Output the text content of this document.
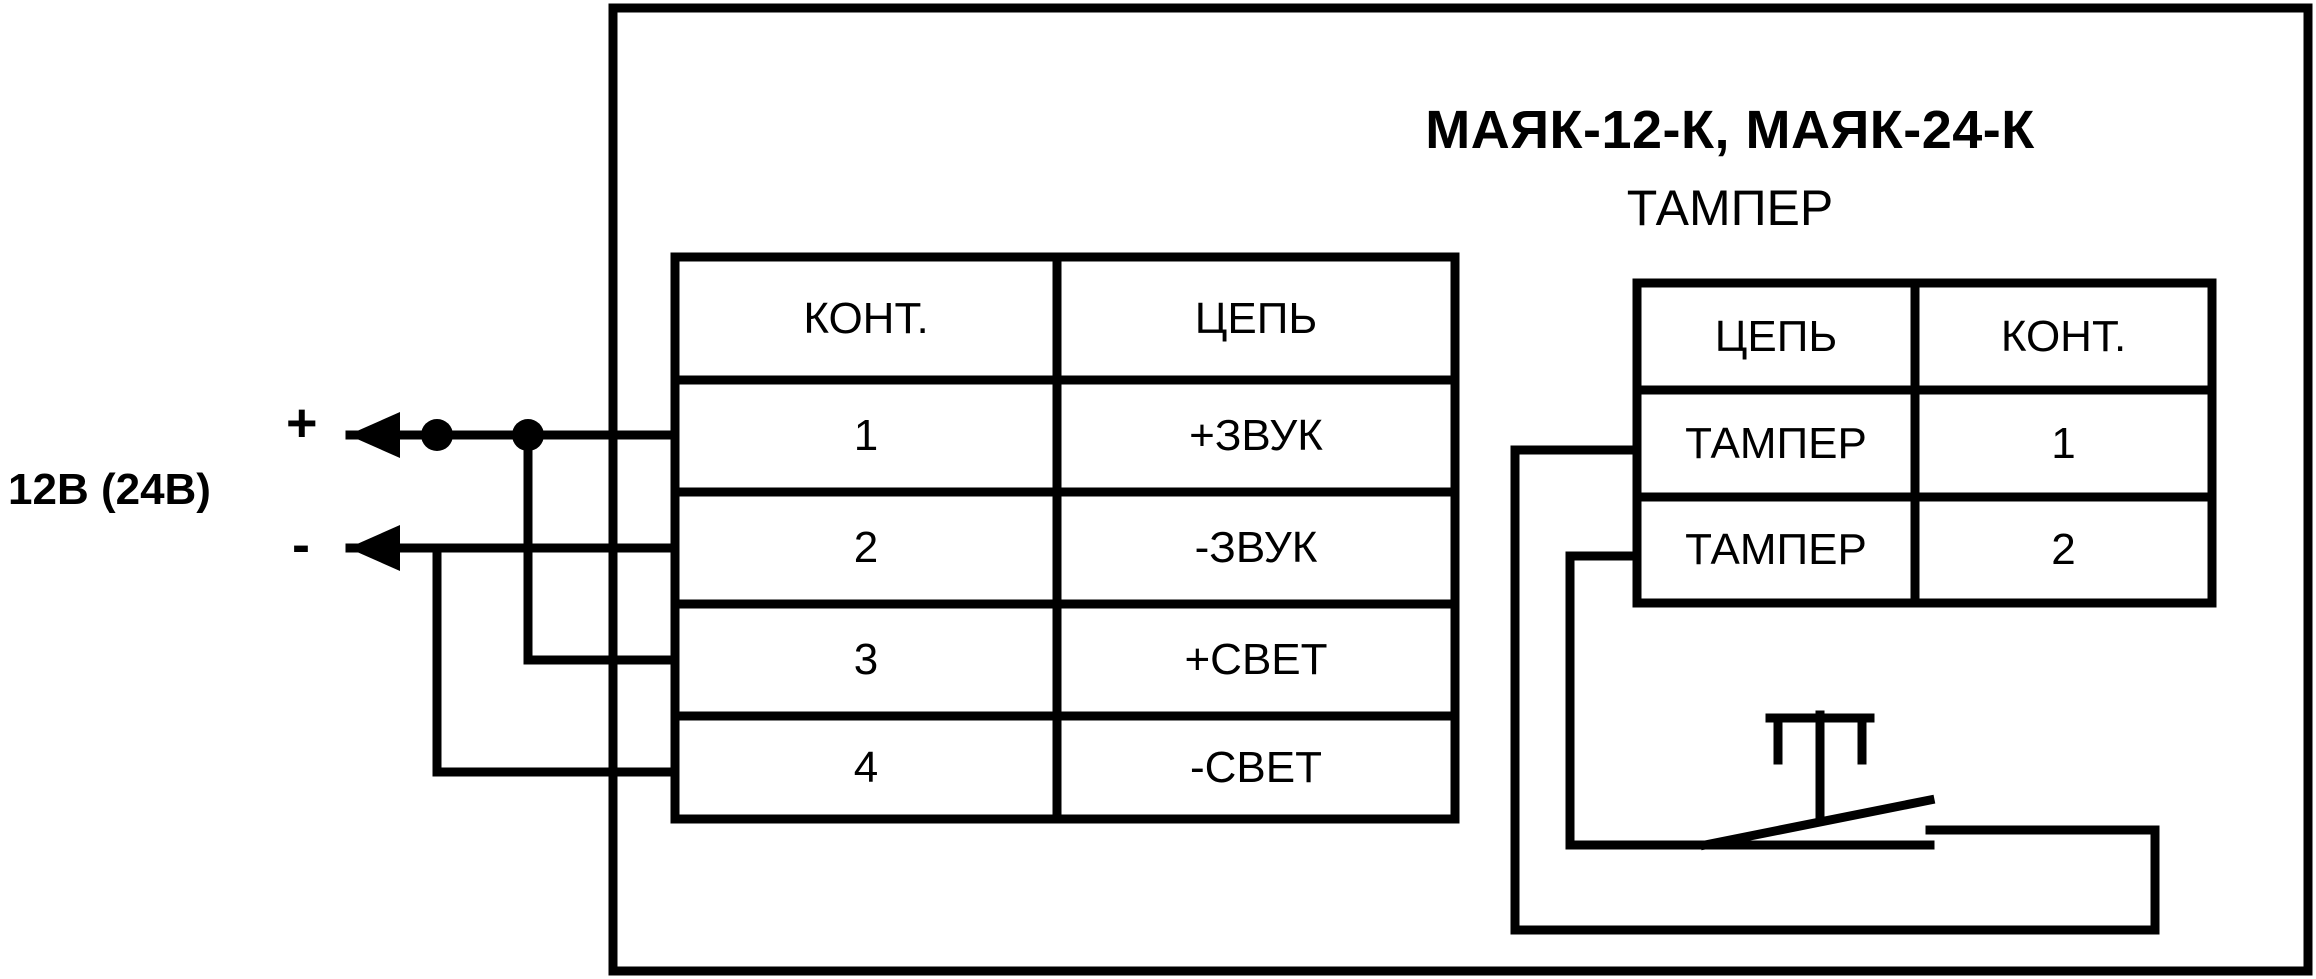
МАЯК-12-К, МАЯК-24-К
ТАМПЕР
12В (24В)
+
-
КОНТ.	ЦЕПЬ
1	+ЗВУК
2	-ЗВУК
3	+СВЕТ
4	-СВЕТ
ЦЕПЬ	КОНТ.
ТАМПЕР	1
ТАМПЕР	2
